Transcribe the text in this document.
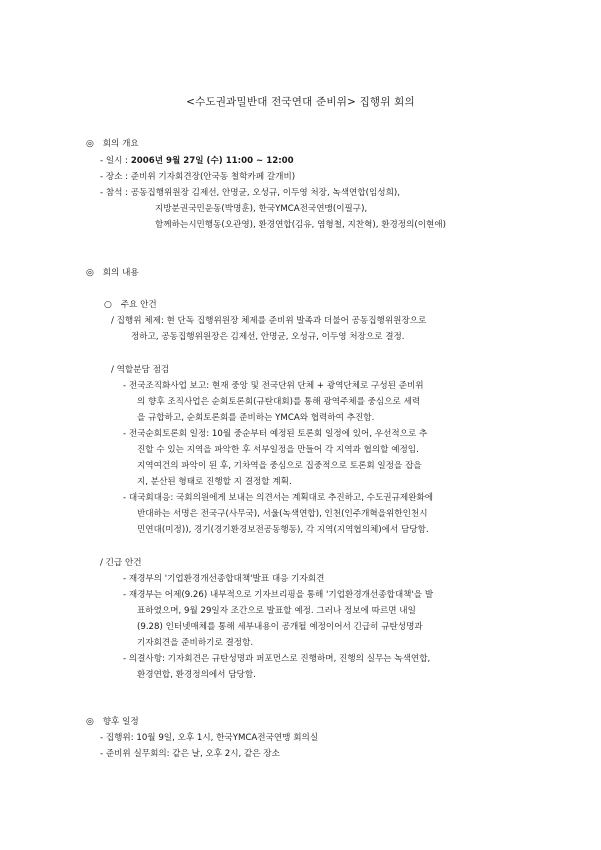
<수도권과밀반대 전국연대 준비위> 집행위 회의
◎ 회의 개요
- 일시 : 2006년 9월 27일 (수) 11:00 ~ 12:00
- 장소 : 준비위 기자회견장(안국동 철학카페 갈개비)
- 참석 : 공동집행위원장 김제선, 안명균, 오성규, 이두영 처장, 녹색연합(임성희),
지방분권국민운동(박명훈), 한국YMCA전국연맹(이필구),
함께하는시민행동(오관영), 환경연합(김유, 염형철, 지찬혁), 환경정의(이현애)
◎ 회의 내용
○ 주요 안건
/ 집행위 체제: 현 단독 집행위원장 체제를 준비위 발족과 더불어 공동집행위원장으로
정하고, 공동집행위원장은 김제선, 안명균, 오성규, 이두영 처장으로 결정.
/ 역할분담 점검
- 전국조직화사업 보고: 현재 중앙 및 전국단위 단체 + 광역단체로 구성된 준비위
의 향후 조직사업은 순회토론회(규탄대회)를 통해 광역주체를 중심으로 세력
을 규합하고, 순회토론회를 준비하는 YMCA와 협력하여 추진함.
- 전국순회토론회 일정: 10월 중순부터 예정된 토론회 일정에 있어, 우선적으로 추
진할 수 있는 지역을 파악한 후 서부일정을 만들어 각 지역과 협의할 예정임.
지역여건의 파악이 된 후, 기차역을 중심으로 집중적으로 토론회 일정을 잡을
지, 분산된 형태로 진행할 지 결정할 계획.
- 대국회대응: 국회의원에게 보내는 의견서는 계획대로 추진하고, 수도권규제완화에
반대하는 서명은 전국구(사무국), 서울(녹색연합), 인천(인주개혁을위한인천시
민연대(미정)), 경기(경기환경보전공동행동), 각 지역(지역협의체)에서 담당함.
/ 긴급 안건
- 재경부의 '기업환경개선종합대책'발표 대응 기자회견
- 재경부는 어제(9.26) 내부적으로 기자브리핑을 통해 '기업환경개선종합대책'을 발
표하였으며, 9월 29일자 조간으로 발표할 예정. 그러나 정보에 따르면 내일
(9.28) 인터넷매체를 통해 세부내용이 공개될 예정이어서 긴급히 규탄성명과
기자회견을 준비하기로 결정함.
- 의결사항: 기자회견은 규탄성명과 퍼포먼스로 진행하며, 진행의 실무는 녹색연합,
환경연합, 환경정의에서 담당함.
◎ 향후 일정
- 집행위: 10월 9일, 오후 1시, 한국YMCA전국연맹 회의실
- 준비위 실무회의: 같은 날, 오후 2시, 같은 장소
